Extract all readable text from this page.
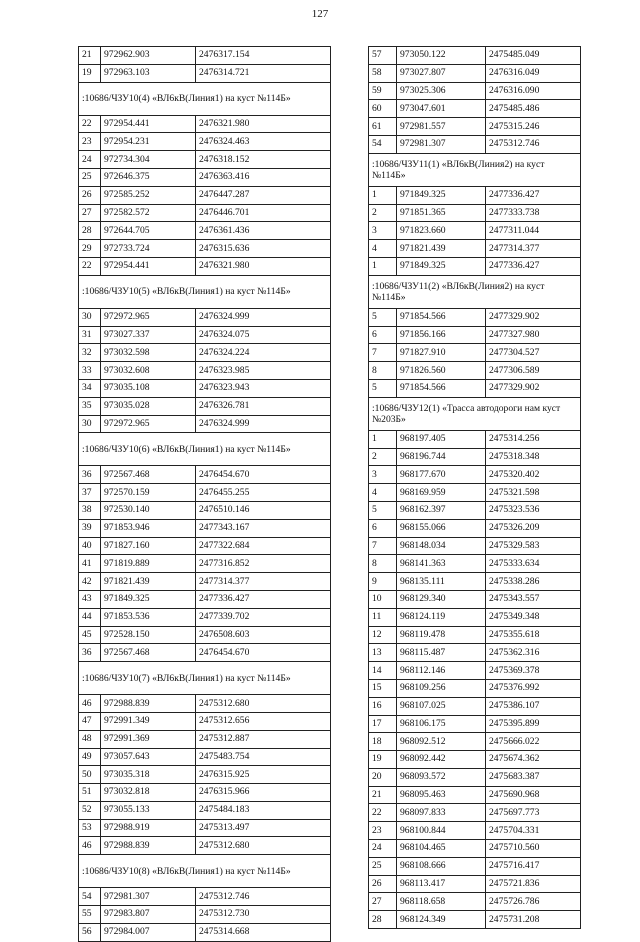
127
21	972962.903	2476317.154
19	972963.103	2476314.721
:10686/ЧЗУ10(4) «ВЛ6кВ(Линия1) на куст №114Б»		
22	972954.441	2476321.980
23	972954.231	2476324.463
24	972734.304	2476318.152
25	972646.375	2476363.416
26	972585.252	2476447.287
27	972582.572	2476446.701
28	972644.705	2476361.436
29	972733.724	2476315.636
22	972954.441	2476321.980
:10686/ЧЗУ10(5) «ВЛ6кВ(Линия1) на куст №114Б»		
30	972972.965	2476324.999
31	973027.337	2476324.075
32	973032.598	2476324.224
33	973032.608	2476323.985
34	973035.108	2476323.943
35	973035.028	2476326.781
30	972972.965	2476324.999
:10686/ЧЗУ10(6) «ВЛ6кВ(Линия1) на куст №114Б»		
36	972567.468	2476454.670
37	972570.159	2476455.255
38	972530.140	2476510.146
39	971853.946	2477343.167
40	971827.160	2477322.684
41	971819.889	2477316.852
42	971821.439	2477314.377
43	971849.325	2477336.427
44	971853.536	2477339.702
45	972528.150	2476508.603
36	972567.468	2476454.670
:10686/ЧЗУ10(7) «ВЛ6кВ(Линия1) на куст №114Б»		
46	972988.839	2475312.680
47	972991.349	2475312.656
48	972991.369	2475312.887
49	973057.643	2475483.754
50	973035.318	2476315.925
51	973032.818	2476315.966
52	973055.133	2475484.183
53	972988.919	2475313.497
46	972988.839	2475312.680
:10686/ЧЗУ10(8) «ВЛ6кВ(Линия1) на куст №114Б»		
54	972981.307	2475312.746
55	972983.807	2475312.730
56	972984.007	2475314.668
57	973050.122	2475485.049
58	973027.807	2476316.049
59	973025.306	2476316.090
60	973047.601	2475485.486
61	972981.557	2475315.246
54	972981.307	2475312.746
:10686/ЧЗУ11(1) «ВЛ6кВ(Линия2) на куст №114Б»		
1	971849.325	2477336.427
2	971851.365	2477333.738
3	971823.660	2477311.044
4	971821.439	2477314.377
1	971849.325	2477336.427
:10686/ЧЗУ11(2) «ВЛ6кВ(Линия2) на куст №114Б»		
5	971854.566	2477329.902
6	971856.166	2477327.980
7	971827.910	2477304.527
8	971826.560	2477306.589
5	971854.566	2477329.902
:10686/ЧЗУ12(1) «Трасса автодороги нам куст №203Б»		
1	968197.405	2475314.256
2	968196.744	2475318.348
3	968177.670	2475320.402
4	968169.959	2475321.598
5	968162.397	2475323.536
6	968155.066	2475326.209
7	968148.034	2475329.583
8	968141.363	2475333.634
9	968135.111	2475338.286
10	968129.340	2475343.557
11	968124.119	2475349.348
12	968119.478	2475355.618
13	968115.487	2475362.316
14	968112.146	2475369.378
15	968109.256	2475376.992
16	968107.025	2475386.107
17	968106.175	2475395.899
18	968092.512	2475666.022
19	968092.442	2475674.362
20	968093.572	2475683.387
21	968095.463	2475690.968
22	968097.833	2475697.773
23	968100.844	2475704.331
24	968104.465	2475710.560
25	968108.666	2475716.417
26	968113.417	2475721.836
27	968118.658	2475726.786
28	968124.349	2475731.208
